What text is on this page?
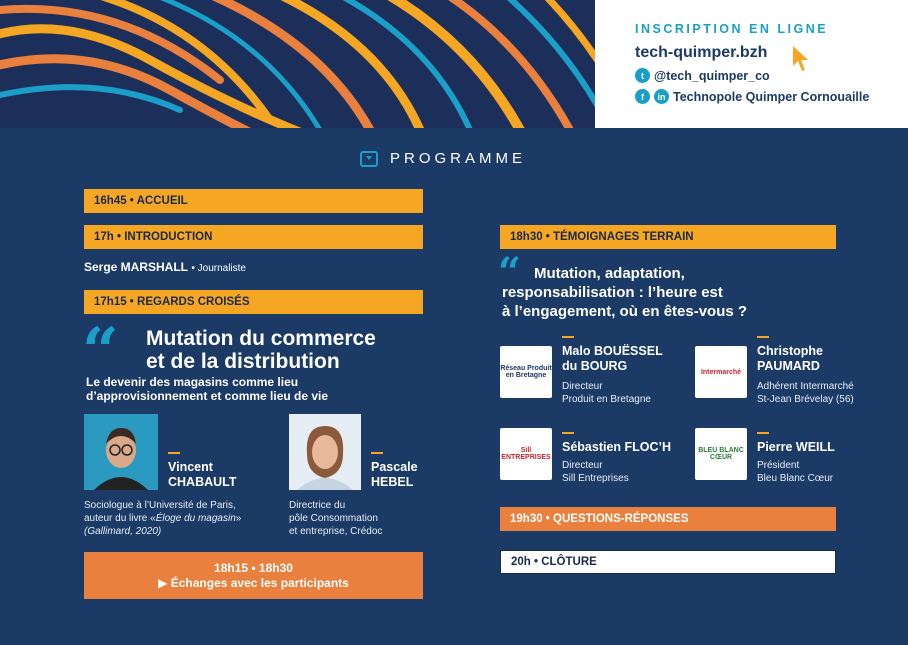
INSCRIPTION EN LIGNE
tech-quimper.bzh
t @tech_quimper_co
f	in Technopole Quimper Cornouaille
PROGRAMME
16h45 • ACCUEIL
17h • INTRODUCTION
Serge MARSHALL • Journaliste
17h15 • REGARDS CROISÉS
“ Mutation du commerce
et de la distribution
Le devenir des magasins comme lieu
d’approvisionnement et comme lieu de vie
Vincent
CHABAULT
Sociologue à l’Université de Paris,
auteur du livre «Éloge du magasin»
(Gallimard, 2020)
Pascale
HEBEL
Directrice du
pôle Consommation
et entreprise, Crédoc
18h15 • 18h30
▶ Échanges avec les participants
18h30 • TÉMOIGNAGES TERRAIN
“ Mutation, adaptation,
responsabilisation : l’heure est
à l’engagement, où en êtes-vous ?
Réseau Produit en Bretagne
Malo BOUËSSEL
du BOURG
Directeur
Produit en Bretagne
Intermarché
Christophe
PAUMARD
Adhérent Intermarché
St-Jean Brévelay (56)
Sill ENTREPRISES
Sébastien FLOC’H
Directeur
Sill Entreprises
BLEU BLANC CŒUR
Pierre WEILL
Président
Bleu Blanc Cœur
19h30 • QUESTIONS-RÉPONSES
20h • CLÔTURE
